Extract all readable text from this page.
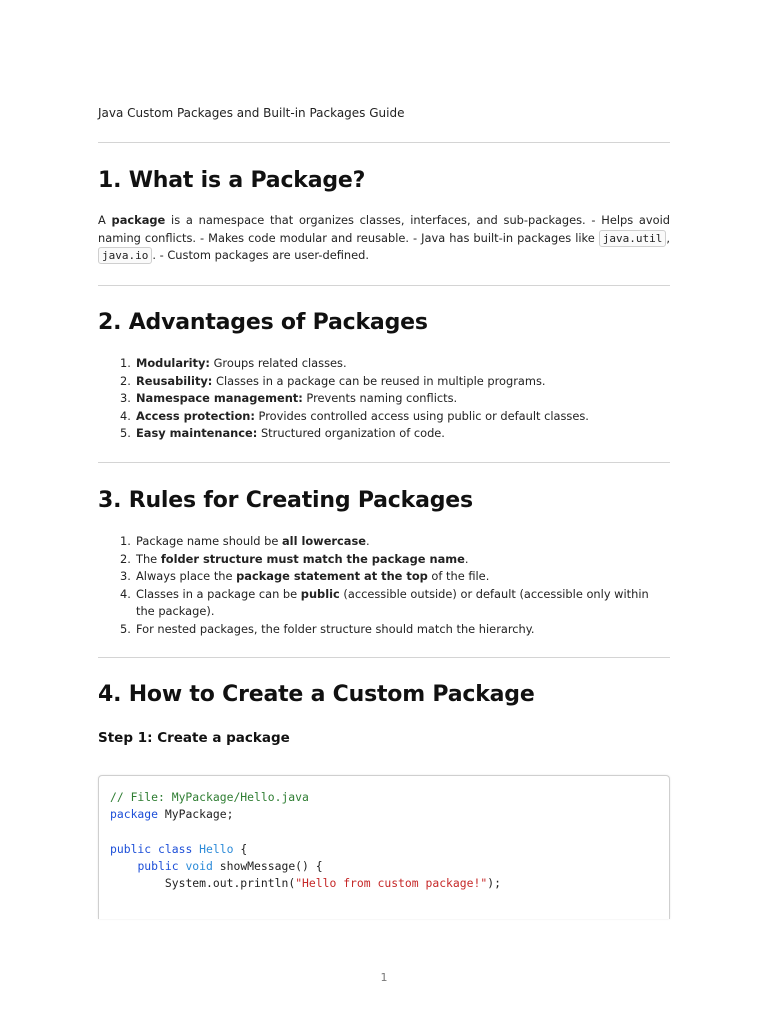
Java Custom Packages and Built-in Packages Guide
1. What is a Package?

A package is a namespace that organizes classes, interfaces, and sub-packages. - Helps avoid naming conflicts. - Makes code modular and reusable. - Java has built-in packages like java.util , java.io . - Custom packages are user-defined.

2. Advantages of Packages
1. Modularity: Groups related classes.
2. Reusability: Classes in a package can be reused in multiple programs.
3. Namespace management: Prevents naming conflicts.
4. Access protection: Provides controlled access using public or default classes.
5. Easy maintenance: Structured organization of code.
3. Rules for Creating Packages
1. Package name should be all lowercase.
2. The folder structure must match the package name.
3. Always place the package statement at the top of the file.
4. Classes in a package can be public (accessible outside) or default (accessible only within the package).
5. For nested packages, the folder structure should match the hierarchy.
4. How to Create a Custom Package
Step 1: Create a package
// File: MyPackage/Hello.java
package MyPackage;

public class Hello {
public void showMessage() {
System.out.println("Hello from custom package!");
1
